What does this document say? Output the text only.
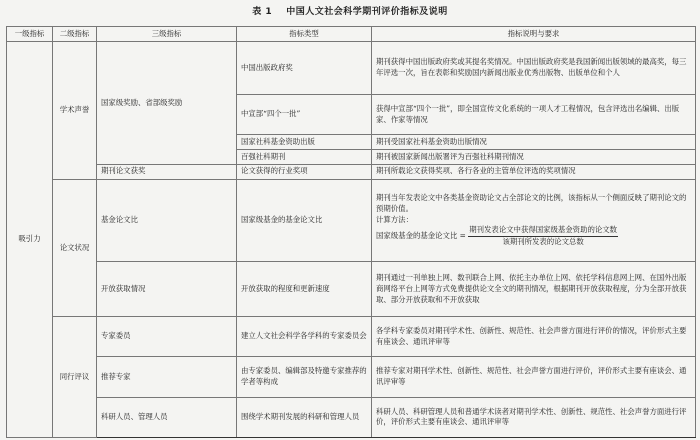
表 1 中国人文社会科学期刊评价指标及说明
一级指标	二级指标	三级指标	指标类型	指标说明与要求
吸引力	学术声誉	国家级奖励、省部级奖励	中国出版政府奖	期刊获得中国出版政府奖或其提名奖情况。中国出版政府奖是我国新闻出版领域的最高奖，每三年评选一次，旨在表彰和奖励国内新闻出版业优秀出版物、出版单位和个人
			中宣部“四个一批”	获得中宣部“四个一批”，即全国宣传文化系统的一项人才工程情况，包含评选出名编辑、出版家、作家等情况
			国家社科基金资助出版	期刊受国家社科基金资助出版情况
			百强社科期刊	期刊被国家新闻出版署评为百强社科期刊情况
		期刊论文获奖	论文获得的行业奖项	期刊所载论文获得奖项、各行各业的主管单位评选的奖项情况
	论文状况	基金论文比	国家级基金的基金论文比	期刊当年发表论文中各类基金资助论文占全部论文的比例，该指标从一个侧面反映了期刊论文的预期价值。
计算方法：
国家级基金的基金论文比 = $\frac{\text{期刊发表论文中获得国家级基金资助的论文数}}{\text{该期刊所发表的论文总数}}$

		开放获取情况	开放获取的程度和更新速度	期刊通过一刊单独上网、数刊联合上网、依托主办单位上网、依托学科信息网上网、在国外出版商网络平台上网等方式免费提供论文全文的期刊情况，根据期刊开放获取程度，分为全部开放获取、部分开放获取和不开放获取
	同行评议	专家委员	建立人文社会科学各学科的专家委员会	各学科专家委员对期刊学术性、创新性、规范性、社会声誉方面进行评价的情况，评价形式主要有座谈会、通讯评审等
		推荐专家	由专家委员、编辑部及特邀专家推荐的学者等构成	推荐专家对期刊学术性、创新性、规范性、社会声誉方面进行评价，评价形式主要有座谈会、通讯评审等
		科研人员、管理人员	围绕学术期刊发展的科研和管理人员	科研人员、科研管理人员和普通学术读者对期刊学术性、创新性、规范性、社会声誉方面进行评价，评价形式主要有座谈会、通讯评审等
